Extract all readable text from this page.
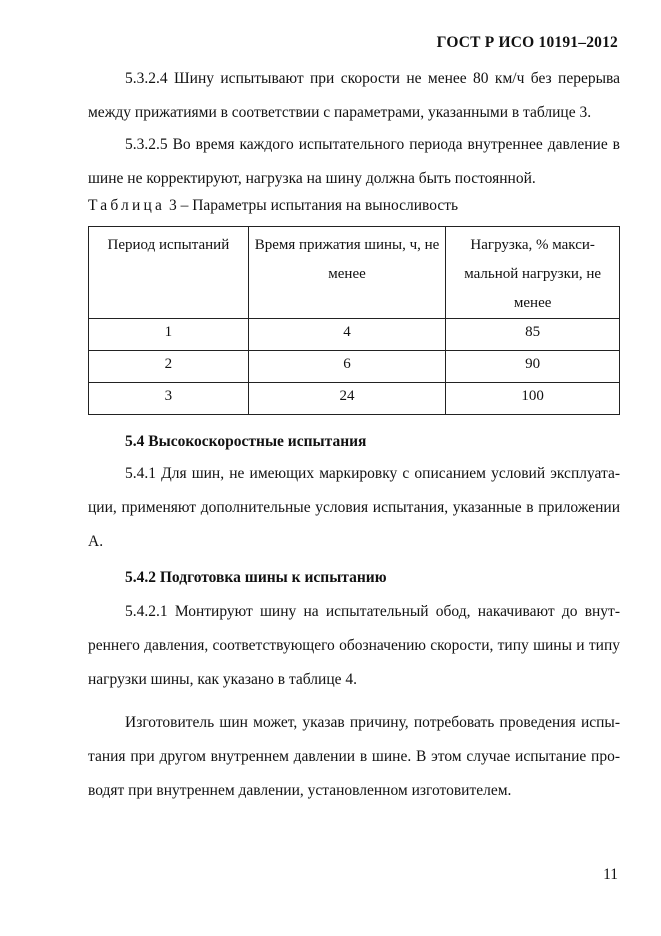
ГОСТ Р ИСО 10191–2012

5.3.2.4 Шину испытывают при скорости не менее 80 км/ч без перерыва между прижатиями в соответствии с параметрами, указанными в таблице 3.

5.3.2.5 Во время каждого испытательного периода внутреннее давление в шине не корректируют, нагрузка на шину должна быть постоянной.

Таблица 3 – Параметры испытания на выносливость
Период испытаний	Время прижатия шины, ч, не менее	Нагрузка, % макси-мальной нагрузки, не менее
1	4	85
2	6	90
3	24	100
5.4 Высокоскоростные испытания

5.4.1 Для шин, не имеющих маркировку с описанием условий эксплуата-ции, применяют дополнительные условия испытания, указанные в приложении А.

5.4.2 Подготовка шины к испытанию

5.4.2.1 Монтируют шину на испытательный обод, накачивают до внут-реннего давления, соответствующего обозначению скорости, типу шины и типу нагрузки шины, как указано в таблице 4.

Изготовитель шин может, указав причину, потребовать проведения испы-тания при другом внутреннем давлении в шине. В этом случае испытание про-водят при внутреннем давлении, установленном изготовителем.

11
